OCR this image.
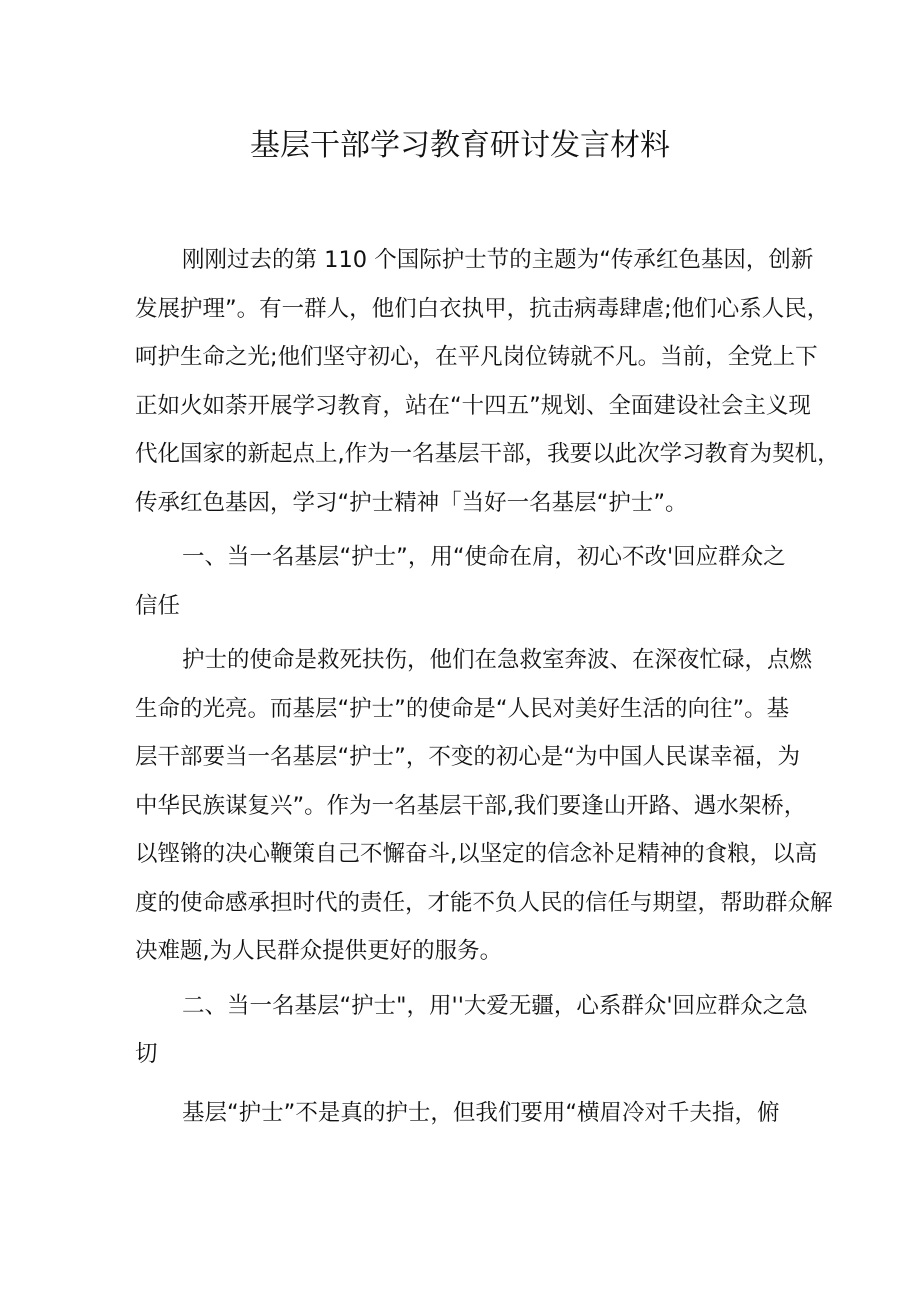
基层干部学习教育研讨发言材料
刚刚过去的第 110 个国际护士节的主题为“传承红色基因，创新
发展护理”。有一群人，他们白衣执甲，抗击病毒肆虐;他们心系人民，
呵护生命之光;他们坚守初心，在平凡岗位铸就不凡。当前，全党上下
正如火如荼开展学习教育，站在“十四五”规划、全面建设社会主义现
代化国家的新起点上,作为一名基层干部，我要以此次学习教育为契机，
传承红色基因，学习“护士精神「当好一名基层“护士”。
一、当一名基层“护士”，用“使命在肩，初心不改'回应群众之
信任
护士的使命是救死扶伤，他们在急救室奔波、在深夜忙碌，点燃
生命的光亮。而基层“护士”的使命是“人民对美好生活的向往”。基
层干部要当一名基层“护士”，不变的初心是“为中国人民谋幸福，为
中华民族谋复兴”。作为一名基层干部,我们要逢山开路、遇水架桥，
以铿锵的决心鞭策自己不懈奋斗,以坚定的信念补足精神的食粮，以高
度的使命感承担时代的责任，才能不负人民的信任与期望，帮助群众解
决难题,为人民群众提供更好的服务。
二、当一名基层“护士"，用''大爱无疆，心系群众'回应群众之急
切
基层“护士”不是真的护士，但我们要用“横眉冷对千夫指，俯
